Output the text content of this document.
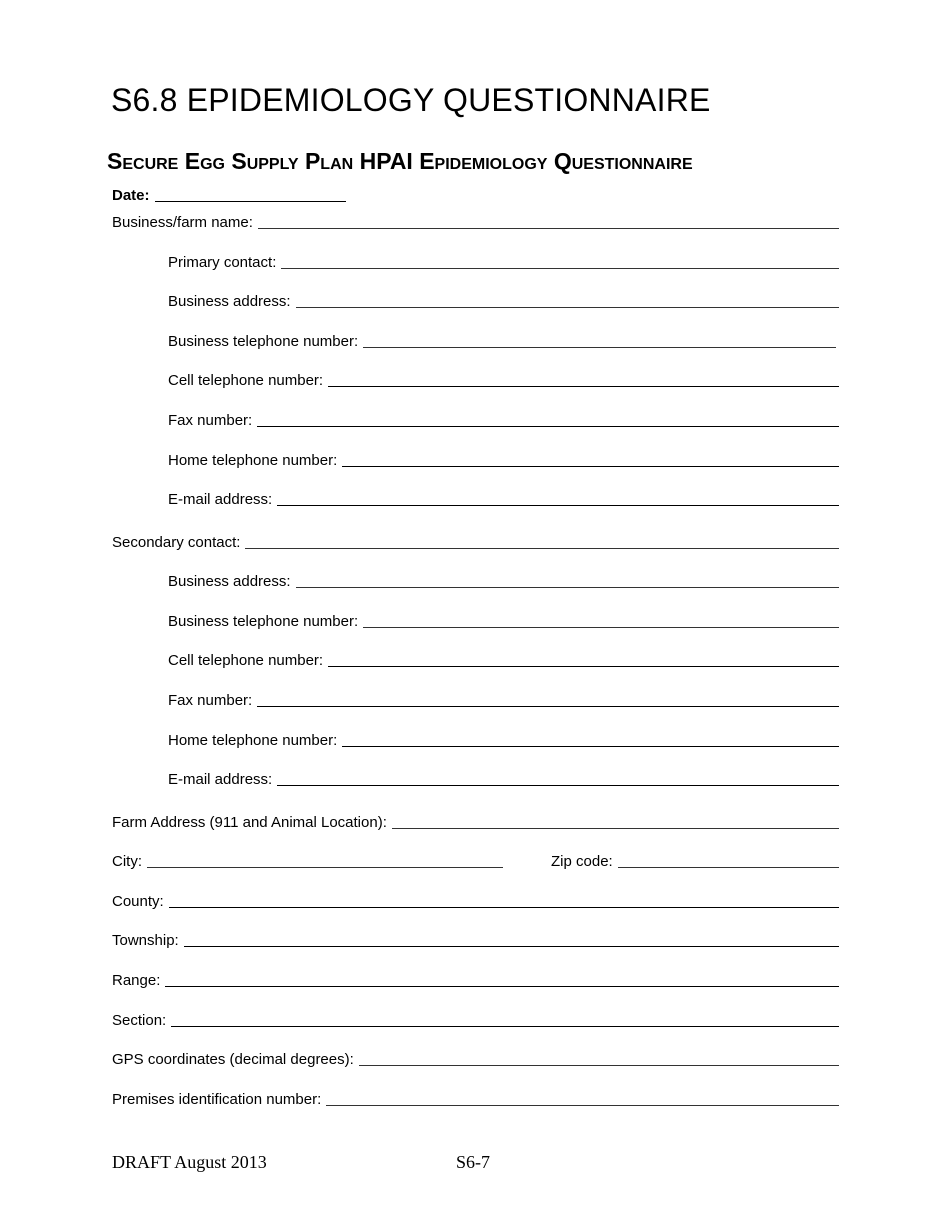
S6.8 EPIDEMIOLOGY QUESTIONNAIRE
Secure Egg Supply Plan HPAI Epidemiology Questionnaire
Date:
Business/farm name:
Primary contact:
Business address:
Business telephone number:
Cell telephone number:
Fax number:
Home telephone number:
E-mail address:
Secondary contact:
Business address:
Business telephone number:
Cell telephone number:
Fax number:
Home telephone number:
E-mail address:
Farm Address (911 and Animal Location):
City:	Zip code:
County:
Township:
Range:
Section:
GPS coordinates (decimal degrees):
Premises identification number:
DRAFT August 2013	S6-7
